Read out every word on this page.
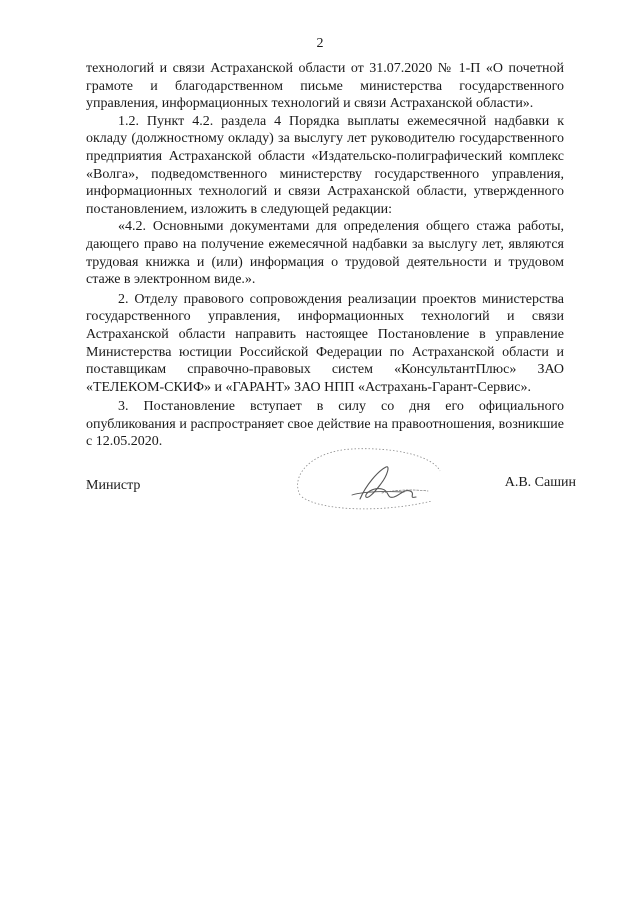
2

технологий и связи Астраханской области от 31.07.2020 № 1-П «О почетной грамоте и благодарственном письме министерства государственного управления, информационных технологий и связи Астраханской области».

1.2. Пункт 4.2. раздела 4 Порядка выплаты ежемесячной надбавки к окладу (должностному окладу) за выслугу лет руководителю государственного предприятия Астраханской области «Издательско-полиграфический комплекс «Волга», подведомственного министерству государственного управления, информационных технологий и связи Астраханской области, утвержденного постановлением, изложить в следующей редакции:

«4.2. Основными документами для определения общего стажа работы, дающего право на получение ежемесячной надбавки за выслугу лет, являются трудовая книжка и (или) информация о трудовой деятельности и трудовом стаже в электронном виде.».

2. Отделу правового сопровождения реализации проектов министерства государственного управления, информационных технологий и связи Астраханской области направить настоящее Постановление в управление Министерства юстиции Российской Федерации по Астраханской области и поставщикам справочно-правовых систем «КонсультантПлюс» ЗАО «ТЕЛЕКОМ-СКИФ» и «ГАРАНТ» ЗАО НПП «Астрахань-Гарант-Сервис».

3. Постановление вступает в силу со дня его официального опубликования и распространяет свое действие на правоотношения, возникшие с 12.05.2020.

Министр	А.В. Сашин
